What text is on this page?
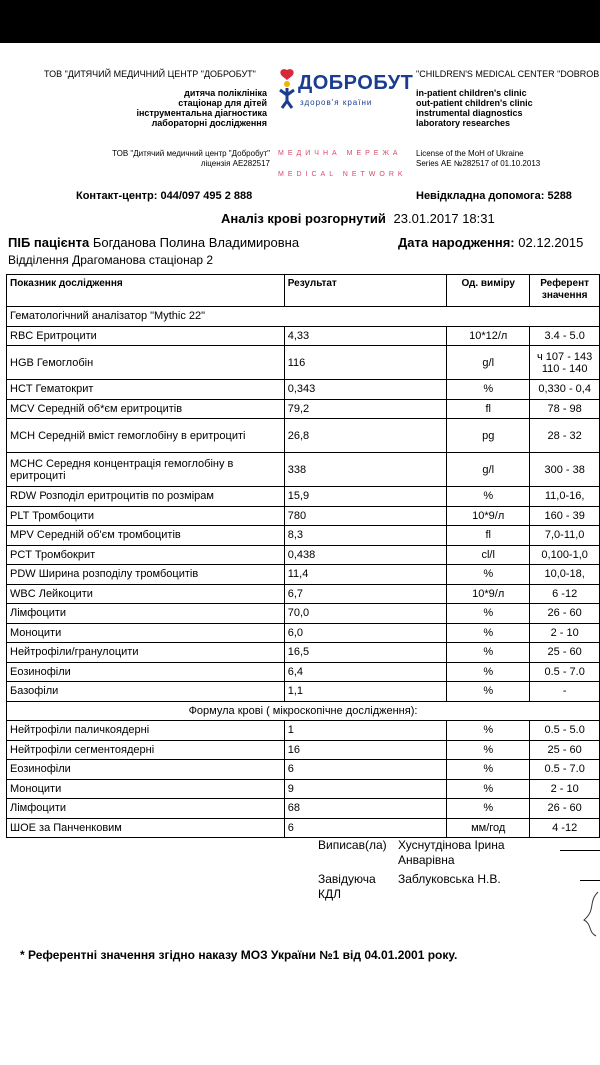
ТОВ "ДИТЯЧИЙ МЕДИЧНИЙ ЦЕНТР "ДОБРОБУТ"
дитяча поліклініка
стаціонар для дітей
інструментальна діагностика
лабораторні дослідження
ДОБРОБУТ
здоров'я країни
"CHILDREN'S MEDICAL CENTER "DOBROB
in-patient children's clinic
out-patient children's clinic
instrumental diagnostics
laboratory researches
ТОВ "Дитячий медичний центр "Добробут"
ліцензія АЕ282517
МЕДИЧНА МЕРЕЖА
MEDICAL NETWORK
License of the MoH of Ukraine
Series АЕ №282517 of 01.10.2013
Контакт-центр: 044/097 495 2 888	Невідкладна допомога: 5288
Аналіз крові розгорнутий 23.01.2017 18:31
ПІБ пацієнта Богданова Полина Владимировна	Дата народження: 02.12.2015
Відділення Драгоманова стаціонар 2
Показник дослідження	Результат	Од. виміру	Референт значення
Гематологічний аналізатор "Mythic 22"			
RBC Еритроцити	4,33	10*12/л	3.4 - 5.0
HGB Гемоглобін	116	g/l	ч 107 - 143 110 - 140
HCT Гематокрит	0,343	%	0,330 - 0,4
MCV Середній об*єм еритроцитів	79,2	fl	78 - 98
MCH Середній вміст гемоглобіну в еритроциті	26,8	pg	28 - 32
MCHC Середня концентрація гемоглобіну в еритроциті	338	g/l	300 - 38
RDW Розподіл еритроцитів по розмірам	15,9	%	11,0-16,
PLT Тромбоцити	780	10*9/л	160 - 39
MPV Середній об'єм тромбоцитів	8,3	fl	7,0-11,0
PCT Тромбокрит	0,438	cl/l	0,100-1,0
PDW Ширина розподілу тромбоцитів	11,4	%	10,0-18,
WBC Лейкоцити	6,7	10*9/л	6 -12
Лімфоцити	70,0	%	26 - 60
Моноцити	6,0	%	2 - 10
Нейтрофіли/гранулоцити	16,5	%	25 - 60
Еозинофіли	6,4	%	0.5 - 7.0
Базофіли	1,1	%	-
Формула крові ( мікроскопічне дослідження):			
Нейтрофіли паличкоядерні	1	%	0.5 - 5.0
Нейтрофіли сегментоядерні	16	%	25 - 60
Еозинофіли	6	%	0.5 - 7.0
Моноцити	9	%	2 - 10
Лімфоцити	68	%	26 - 60
ШОЕ за Панченковим	6	мм/год	4 -12
Виписав(ла) Хуснутдінова Ірина Анварівна
Завідуюча КДЛ
Заблуковська Н.В.
* Референтні значення згідно наказу МОЗ України №1 від 04.01.2001 року.
